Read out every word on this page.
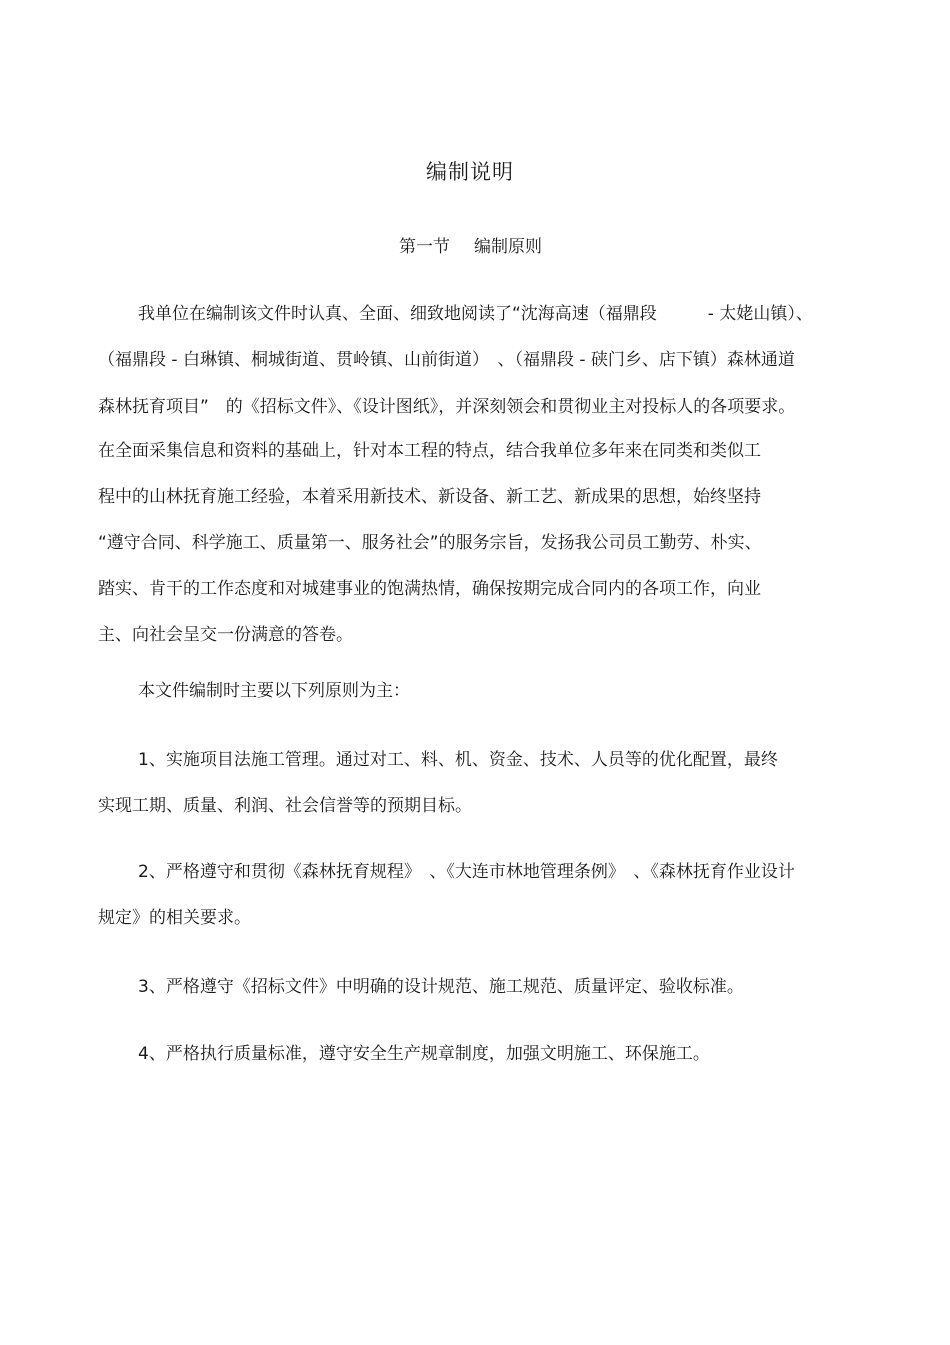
编制说明
第一节 编制原则
我单位在编制该文件时认真、全面、细致地阅读了“沈海高速（福鼎段　　　- 太姥山镇）、
（福鼎段 - 白琳镇、桐城街道、贯岭镇、山前街道）　、（福鼎段 - 硖门乡、店下镇）森林通道
森林抚育项目”　的《招标文件》、《设计图纸》，并深刻领会和贯彻业主对投标人的各项要求。
在全面采集信息和资料的基础上，针对本工程的特点，结合我单位多年来在同类和类似工
程中的山林抚育施工经验，本着采用新技术、新设备、新工艺、新成果的思想，始终坚持
“遵守合同、科学施工、质量第一、服务社会”的服务宗旨，发扬我公司员工勤劳、朴实、
踏实、肯干的工作态度和对城建事业的饱满热情，确保按期完成合同内的各项工作，向业
主、向社会呈交一份满意的答卷。
本文件编制时主要以下列原则为主：
1、实施项目法施工管理。通过对工、料、机、资金、技术、人员等的优化配置，最终
实现工期、质量、利润、社会信誉等的预期目标。
2、严格遵守和贯彻《森林抚育规程》　、《大连市林地管理条例》　、《森林抚育作业设计
规定》的相关要求。
3、严格遵守《招标文件》中明确的设计规范、施工规范、质量评定、验收标准。
4、严格执行质量标准，遵守安全生产规章制度，加强文明施工、环保施工。
